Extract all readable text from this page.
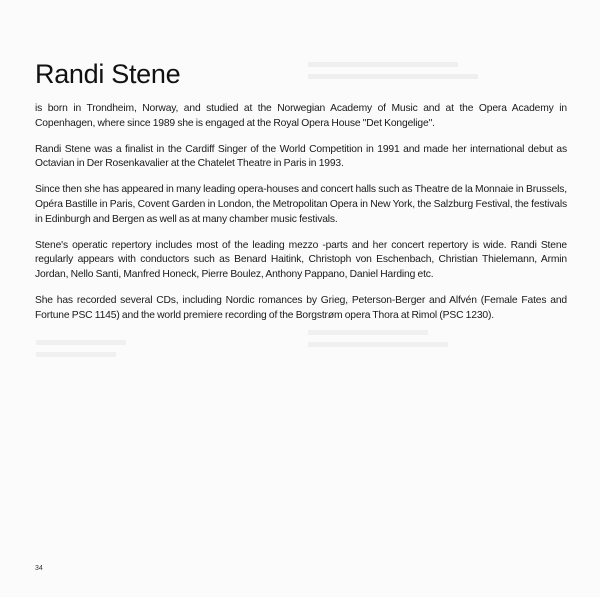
Randi Stene

is born in Trondheim, Norway, and studied at the Norwegian Academy of Music and at the Opera Academy in Copenhagen, where since 1989 she is engaged at the Royal Opera House "Det Kongelige".

Randi Stene was a finalist in the Cardiff Singer of the World Competition in 1991 and made her international debut as Octavian in Der Rosenkavalier at the Chatelet Theatre in Paris in 1993.

Since then she has appeared in many leading opera-houses and concert halls such as Theatre de la Monnaie in Brussels, Opéra Bastille in Paris, Covent Garden in London, the Metropolitan Opera in New York, the Salzburg Festival, the festivals in Edinburgh and Bergen as well as at many chamber music festivals.

Stene's operatic repertory includes most of the leading mezzo -parts and her concert repertory is wide. Randi Stene regularly appears with conductors such as Benard Haitink, Christoph von Eschenbach, Christian Thielemann, Armin Jordan, Nello Santi, Manfred Honeck, Pierre Boulez, Anthony Pappano, Daniel Harding etc.

She has recorded several CDs, including Nordic romances by Grieg, Peterson-Berger and Alfvén (Female Fates and Fortune PSC 1145) and the world premiere recording of the Borgstrøm opera Thora at Rimol (PSC 1230).

34
